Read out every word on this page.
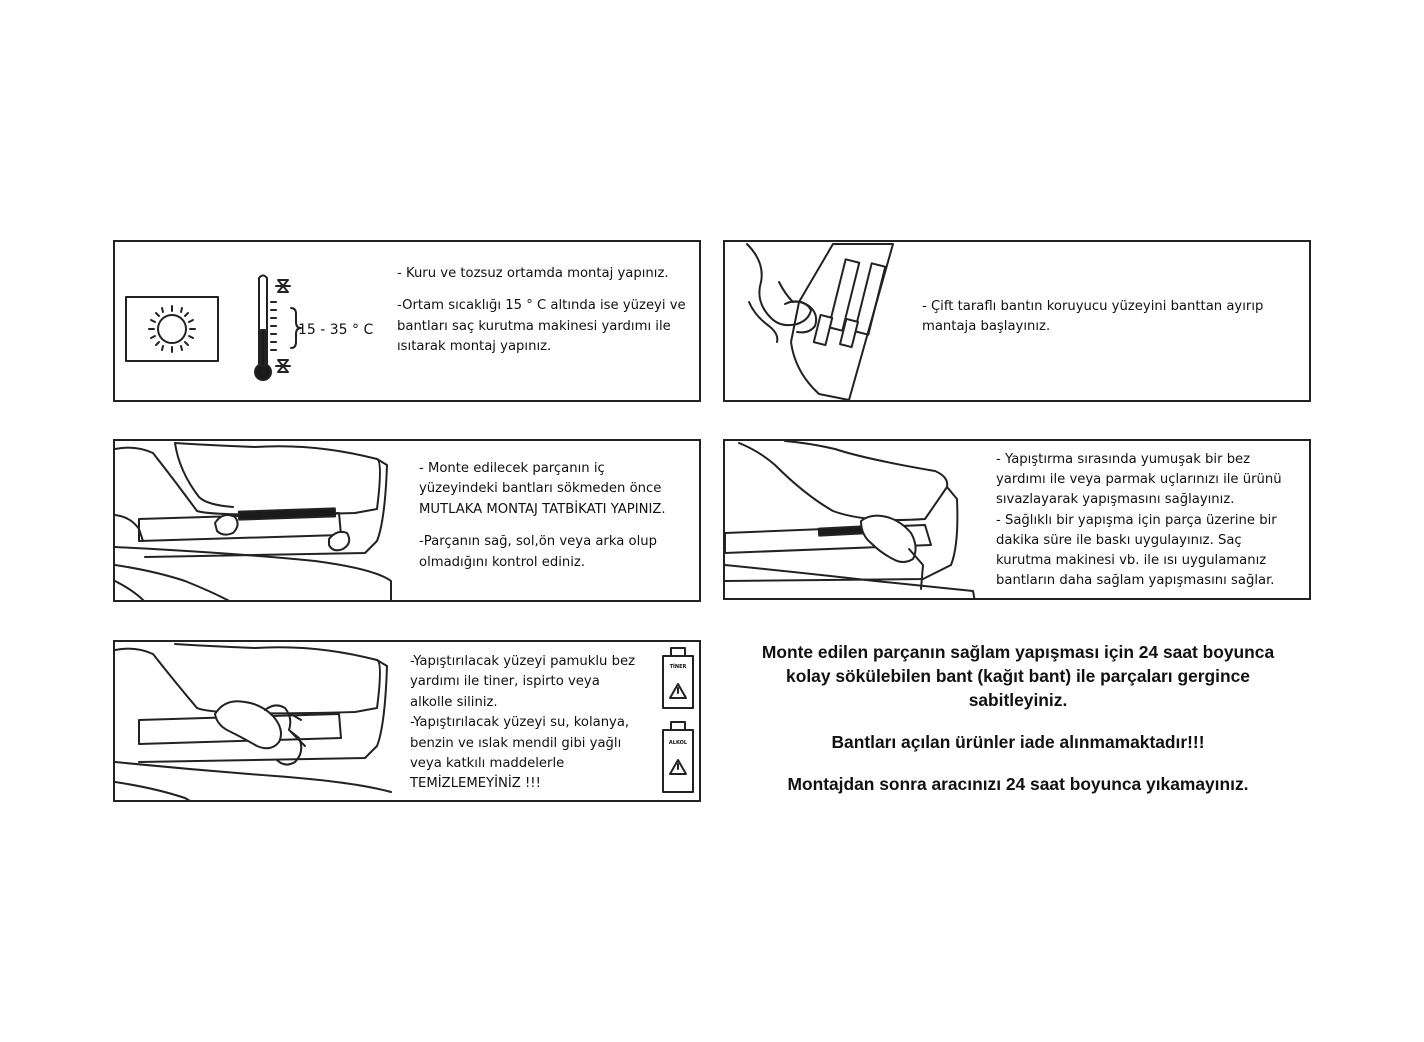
15 - 35 ° C

- Kuru ve tozsuz ortamda montaj yapınız.

-Ortam sıcaklığı 15 ° C altında ise yüzeyi ve

bantları saç kurutma makinesi yardımı ile

ısıtarak montaj yapınız.

- Çift taraflı bantın koruyucu yüzeyini banttan ayırıp

mantaja başlayınız.

- Monte edilecek parçanın iç

yüzeyindeki bantları sökmeden önce

MUTLAKA MONTAJ TATBİKATI YAPINIZ.

-Parçanın sağ, sol,ön veya arka olup

olmadığını kontrol ediniz.

- Yapıştırma sırasında yumuşak bir bez

yardımı ile veya parmak uçlarınızı ile ürünü

sıvazlayarak yapışmasını sağlayınız.

- Sağlıklı bir yapışma için parça üzerine bir

dakika süre ile baskı uygulayınız. Saç

kurutma makinesi vb. ile ısı uygulamanız

bantların daha sağlam yapışmasını sağlar.

TİNER
ALKOL

-Yapıştırılacak yüzeyi pamuklu bez

yardımı ile tiner, ispirto veya

alkolle siliniz.

-Yapıştırılacak yüzeyi su, kolanya,

benzin ve ıslak mendil gibi yağlı

veya katkılı maddelerle

TEMİZLEMEYİNİZ !!!

Monte edilen parçanın sağlam yapışması için 24 saat boyunca

kolay sökülebilen bant (kağıt bant) ile parçaları gergince

sabitleyiniz.

Bantları açılan ürünler iade alınmamaktadır!!!

Montajdan sonra aracınızı 24 saat boyunca yıkamayınız.
